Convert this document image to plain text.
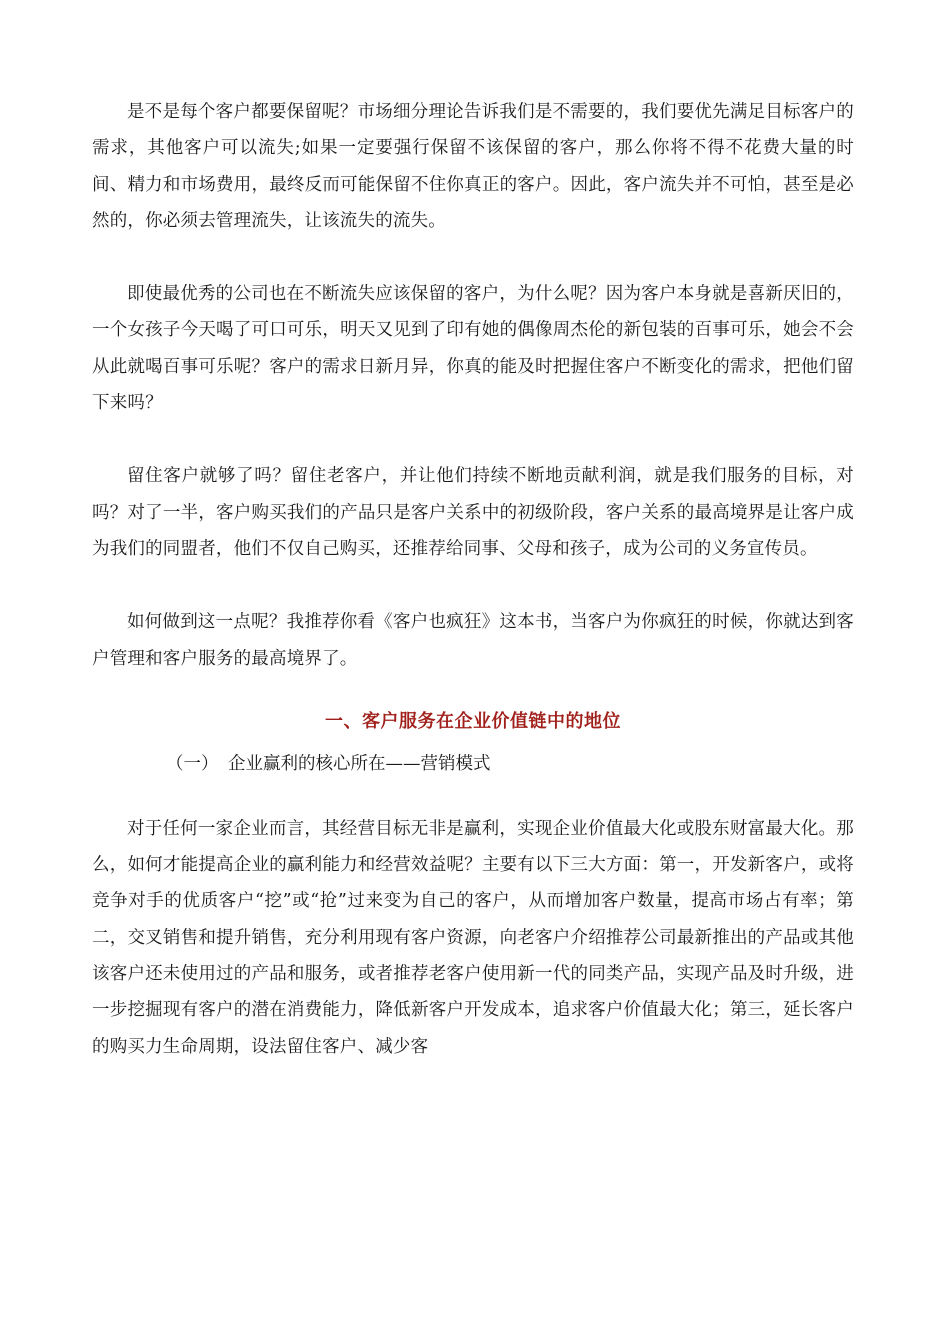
是不是每个客户都要保留呢？市场细分理论告诉我们是不需要的，我们要优先满足目标客户的需求，其他客户可以流失;如果一定要强行保留不该保留的客户，那么你将不得不花费大量的时间、精力和市场费用，最终反而可能保留不住你真正的客户。因此，客户流失并不可怕，甚至是必然的，你必须去管理流失，让该流失的流失。

即使最优秀的公司也在不断流失应该保留的客户，为什么呢？因为客户本身就是喜新厌旧的，一个女孩子今天喝了可口可乐，明天又见到了印有她的偶像周杰伦的新包装的百事可乐，她会不会从此就喝百事可乐呢？客户的需求日新月异，你真的能及时把握住客户不断变化的需求，把他们留下来吗？

留住客户就够了吗？留住老客户，并让他们持续不断地贡献利润，就是我们服务的目标，对吗？对了一半，客户购买我们的产品只是客户关系中的初级阶段，客户关系的最高境界是让客户成为我们的同盟者，他们不仅自己购买，还推荐给同事、父母和孩子，成为公司的义务宣传员。

如何做到这一点呢？我推荐你看《客户也疯狂》这本书，当客户为你疯狂的时候，你就达到客户管理和客户服务的最高境界了。

一、客户服务在企业价值链中的地位

（一） 企业赢利的核心所在——营销模式

对于任何一家企业而言，其经营目标无非是赢利，实现企业价值最大化或股东财富最大化。那么，如何才能提高企业的赢利能力和经营效益呢？主要有以下三大方面：第一，开发新客户，或将竞争对手的优质客户“挖”或“抢”过来变为自己的客户，从而增加客户数量，提高市场占有率；第二，交叉销售和提升销售，充分利用现有客户资源，向老客户介绍推荐公司最新推出的产品或其他该客户还未使用过的产品和服务，或者推荐老客户使用新一代的同类产品，实现产品及时升级，进一步挖掘现有客户的潜在消费能力，降低新客户开发成本，追求客户价值最大化；第三，延长客户的购买力生命周期，设法留住客户、减少客
